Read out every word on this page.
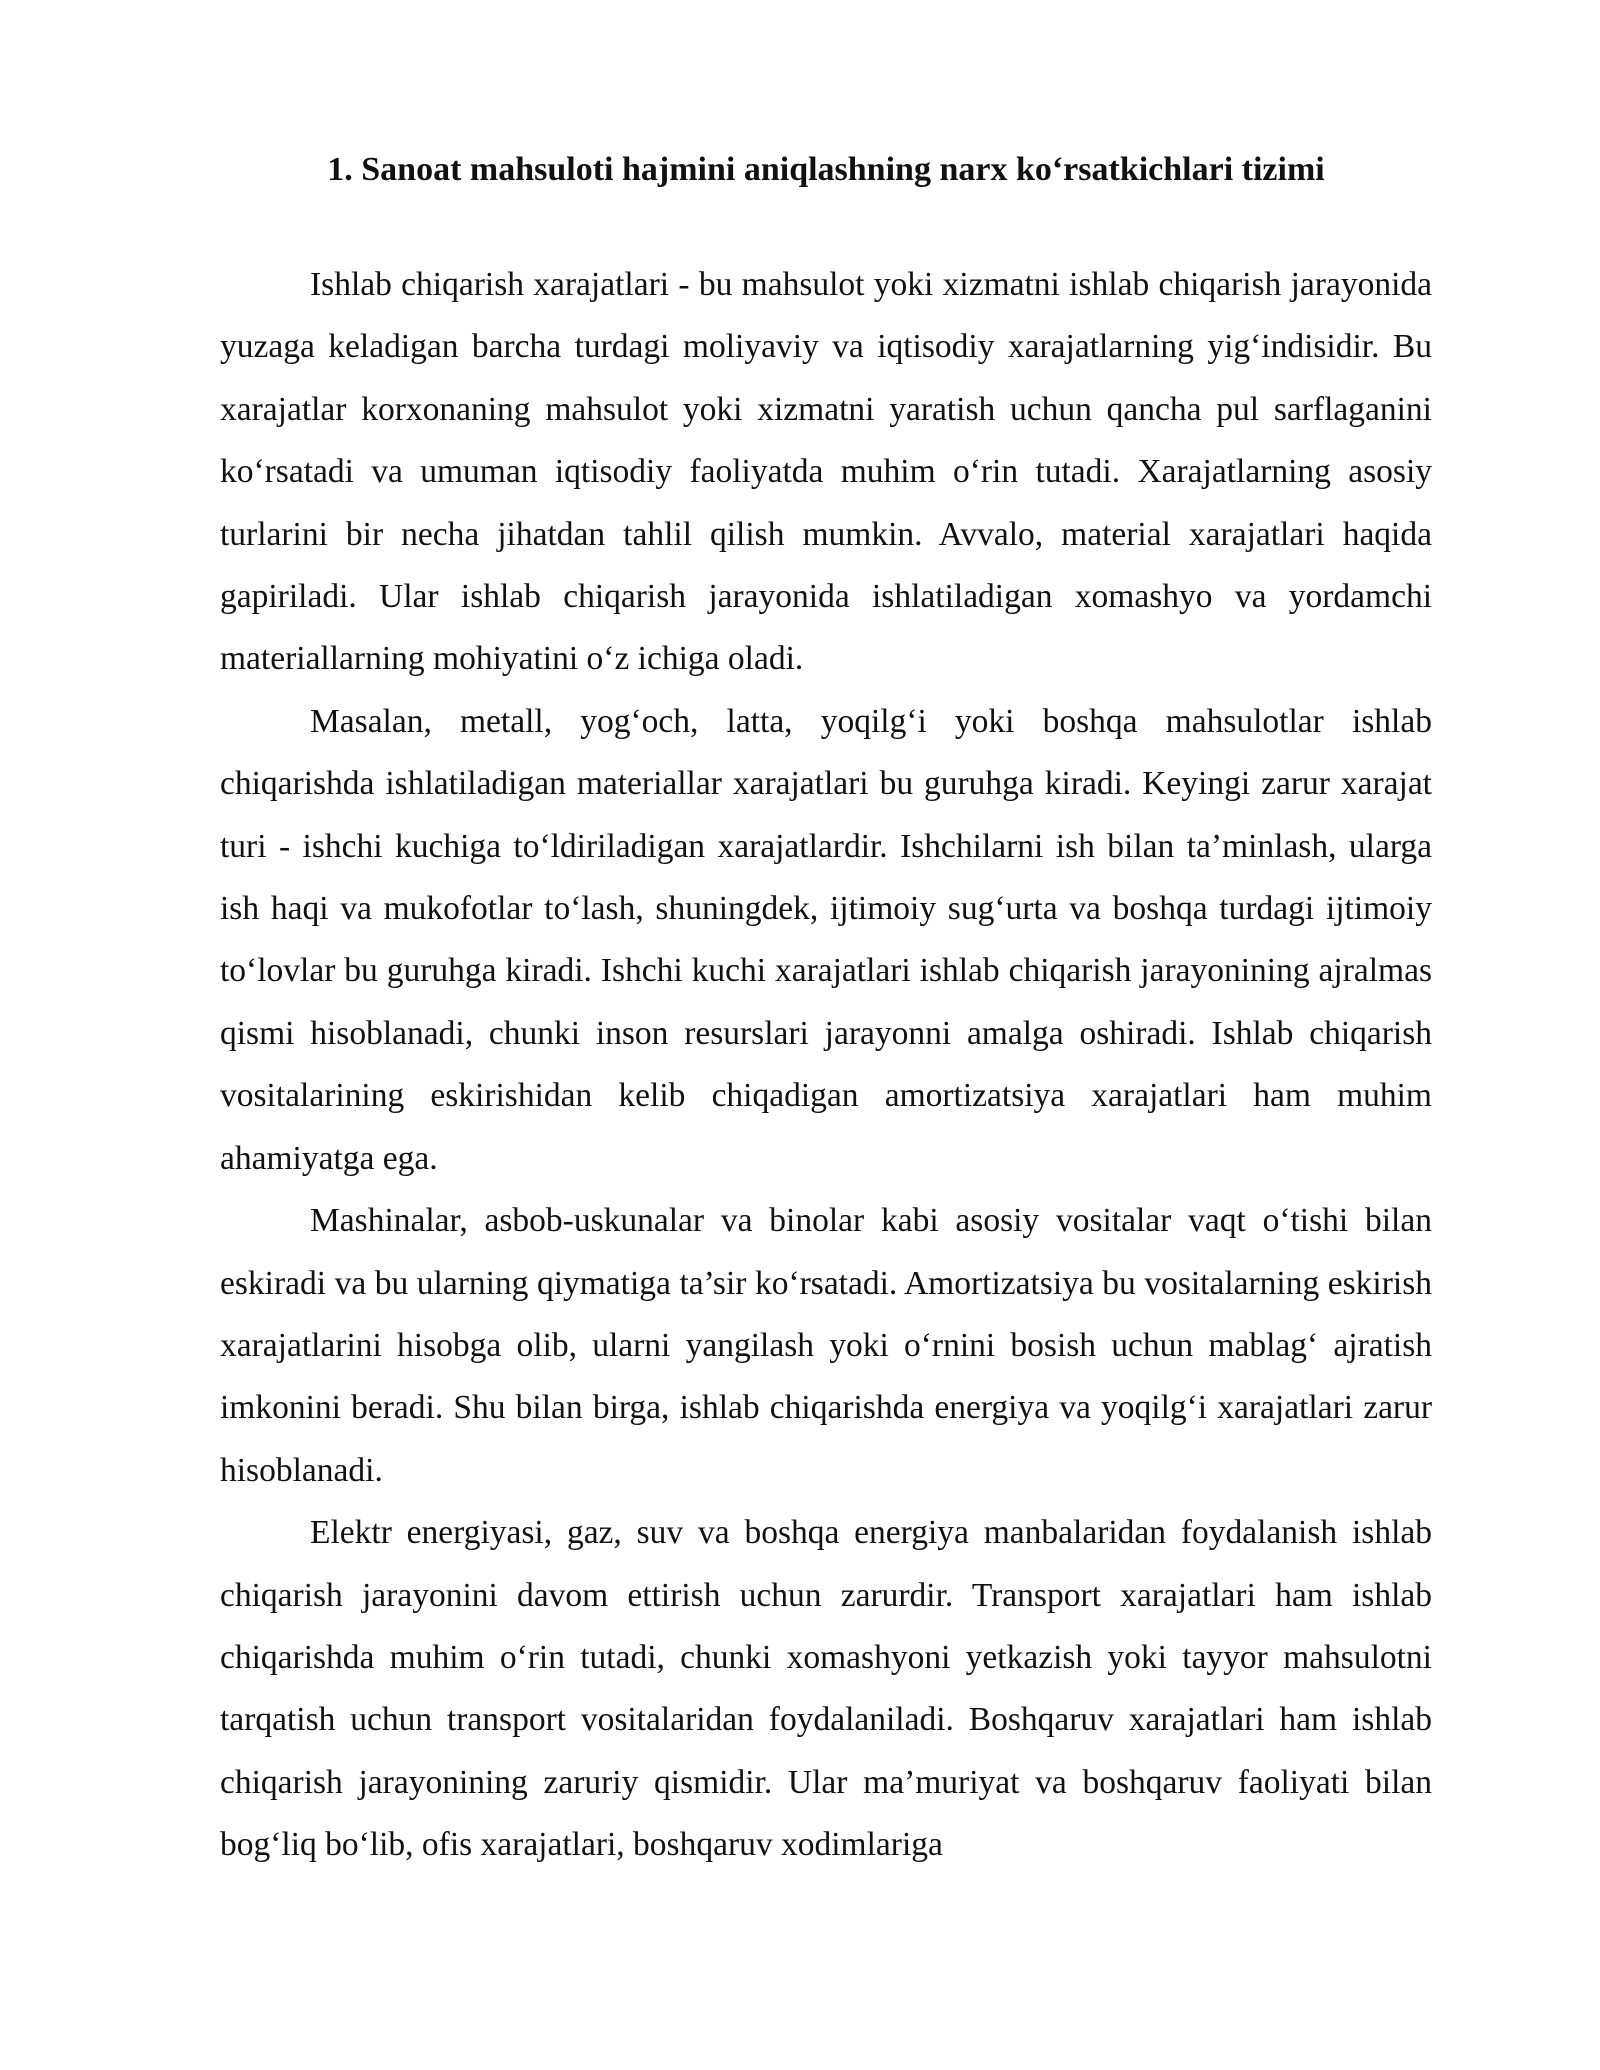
1. Sanoat mahsuloti hajmini aniqlashning narx koʻrsatkichlari tizimi

Ishlab chiqarish xarajatlari - bu mahsulot yoki xizmatni ishlab chiqarish jarayonida yuzaga keladigan barcha turdagi moliyaviy va iqtisodiy xarajatlarning yigʻindisidir. Bu xarajatlar korxonaning mahsulot yoki xizmatni yaratish uchun qancha pul sarflaganini koʻrsatadi va umuman iqtisodiy faoliyatda muhim oʻrin tutadi. Xarajatlarning asosiy turlarini bir necha jihatdan tahlil qilish mumkin. Avvalo, material xarajatlari haqida gapiriladi. Ular ishlab chiqarish jarayonida ishlatiladigan xomashyo va yordamchi materiallarning mohiyatini oʻz ichiga oladi.

Masalan, metall, yogʻoch, latta, yoqilgʻi yoki boshqa mahsulotlar ishlab chiqarishda ishlatiladigan materiallar xarajatlari bu guruhga kiradi. Keyingi zarur xarajat turi - ishchi kuchiga toʻldiriladigan xarajatlardir. Ishchilarni ish bilan ta’minlash, ularga ish haqi va mukofotlar toʻlash, shuningdek, ijtimoiy sugʻurta va boshqa turdagi ijtimoiy toʻlovlar bu guruhga kiradi. Ishchi kuchi xarajatlari ishlab chiqarish jarayonining ajralmas qismi hisoblanadi, chunki inson resurslari jarayonni amalga oshiradi. Ishlab chiqarish vositalarining eskirishidan kelib chiqadigan amortizatsiya xarajatlari ham muhim ahamiyatga ega.

Mashinalar, asbob-uskunalar va binolar kabi asosiy vositalar vaqt oʻtishi bilan eskiradi va bu ularning qiymatiga ta’sir koʻrsatadi. Amortizatsiya bu vositalarning eskirish xarajatlarini hisobga olib, ularni yangilash yoki oʻrnini bosish uchun mablagʻ ajratish imkonini beradi. Shu bilan birga, ishlab chiqarishda energiya va yoqilgʻi xarajatlari zarur hisoblanadi.

Elektr energiyasi, gaz, suv va boshqa energiya manbalaridan foydalanish ishlab chiqarish jarayonini davom ettirish uchun zarurdir. Transport xarajatlari ham ishlab chiqarishda muhim oʻrin tutadi, chunki xomashyoni yetkazish yoki tayyor mahsulotni tarqatish uchun transport vositalaridan foydalaniladi. Boshqaruv xarajatlari ham ishlab chiqarish jarayonining zaruriy qismidir. Ular ma’muriyat va boshqaruv faoliyati bilan bogʻliq boʻlib, ofis xarajatlari, boshqaruv xodimlariga
